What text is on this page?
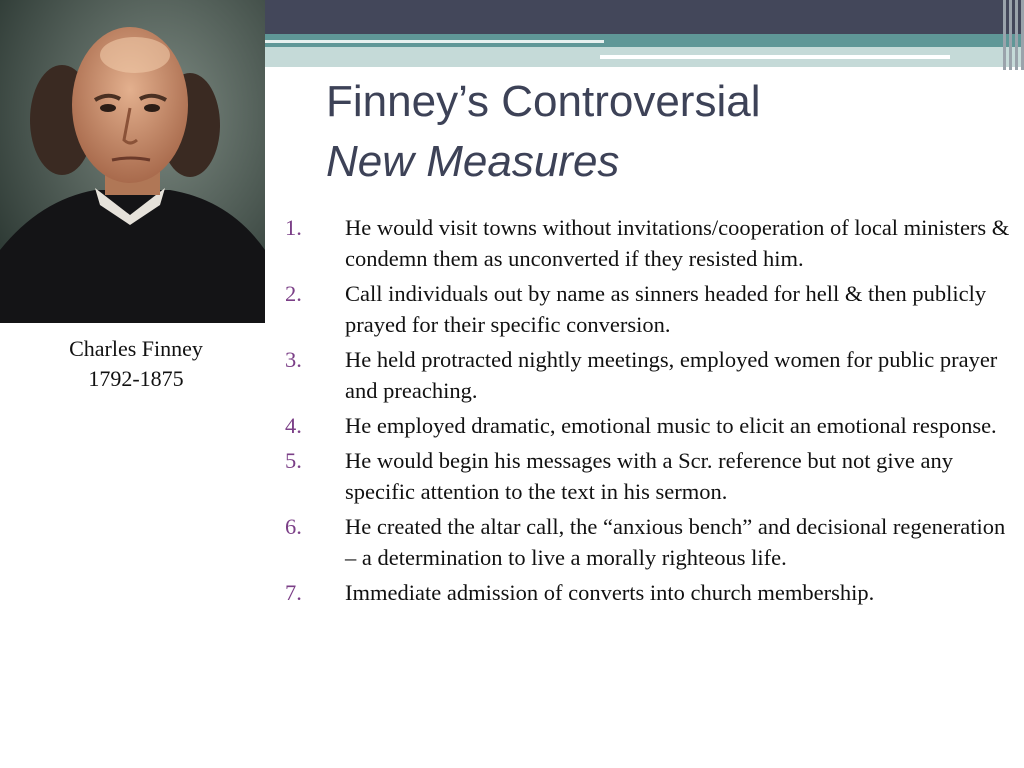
Charles Finney
1792-1875
Finney’s Controversial
New Measures
1. He would visit towns without invitations/cooperation of local ministers & condemn them as unconverted if they resisted him.
2. Call individuals out by name as sinners headed for hell & then publicly prayed for their specific conversion.
3. He held protracted nightly meetings, employed women for public prayer and preaching.
4. He employed dramatic, emotional music to elicit an emotional response.
5. He would begin his messages with a Scr. reference but not give any specific attention to the text in his sermon.
6. He created the altar call, the “anxious bench” and decisional regeneration – a determination to live a morally righteous life.
7. Immediate admission of converts into church membership.
